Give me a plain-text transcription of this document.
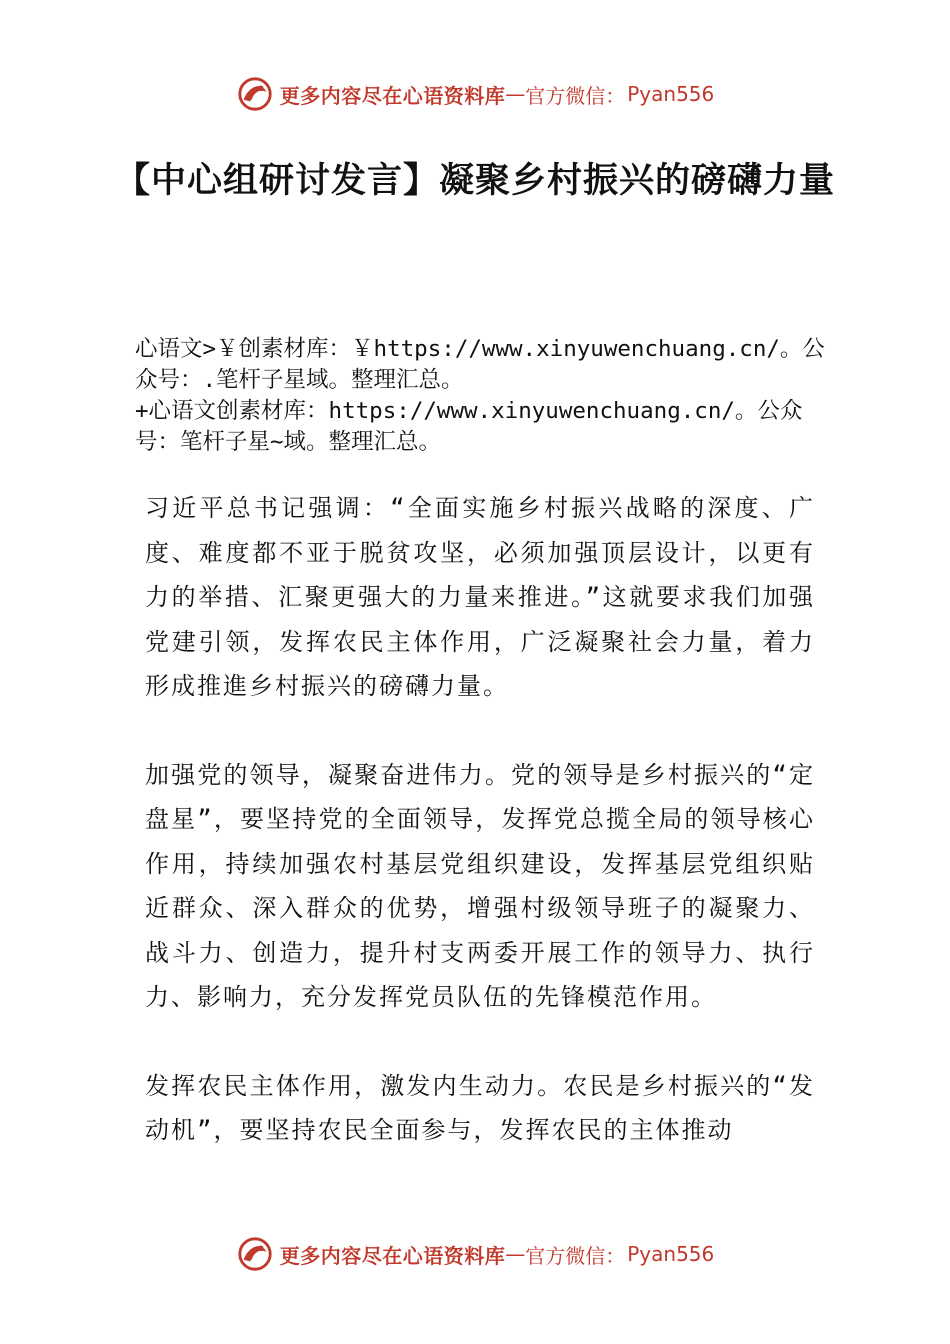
更多内容尽在心语资料库 — 官方微信： Pyan556
【中心组研讨发言】凝聚乡村振兴的磅礴力量

心语文>￥创素材库：￥https://www.xinyuwenchuang.cn/。公众号：.笔杆子星域。整理汇总。

+心语文创素材库：https://www.xinyuwenchuang.cn/。公众号：笔杆子星~域。整理汇总。

习近平总书记强调：“全面实施乡村振兴战略的深度、广度、难度都不亚于脱贫攻坚，必须加强顶层设计，以更有力的举措、汇聚更强大的力量来推进。”这就要求我们加强党建引领，发挥农民主体作用，广泛凝聚社会力量，着力形成推進乡村振兴的磅礴力量。

加强党的领导，凝聚奋进伟力。党的领导是乡村振兴的“定盘星”，要坚持党的全面领导，发挥党总揽全局的领导核心作用，持续加强农村基层党组织建设，发挥基层党组织贴近群众、深入群众的优势，增强村级领导班子的凝聚力、战斗力、创造力，提升村支两委开展工作的领导力、执行力、影响力，充分发挥党员队伍的先锋模范作用。

发挥农民主体作用，激发内生动力。农民是乡村振兴的“发动机”，要坚持农民全面参与，发挥农民的主体推动

更多内容尽在心语资料库 — 官方微信： Pyan556
